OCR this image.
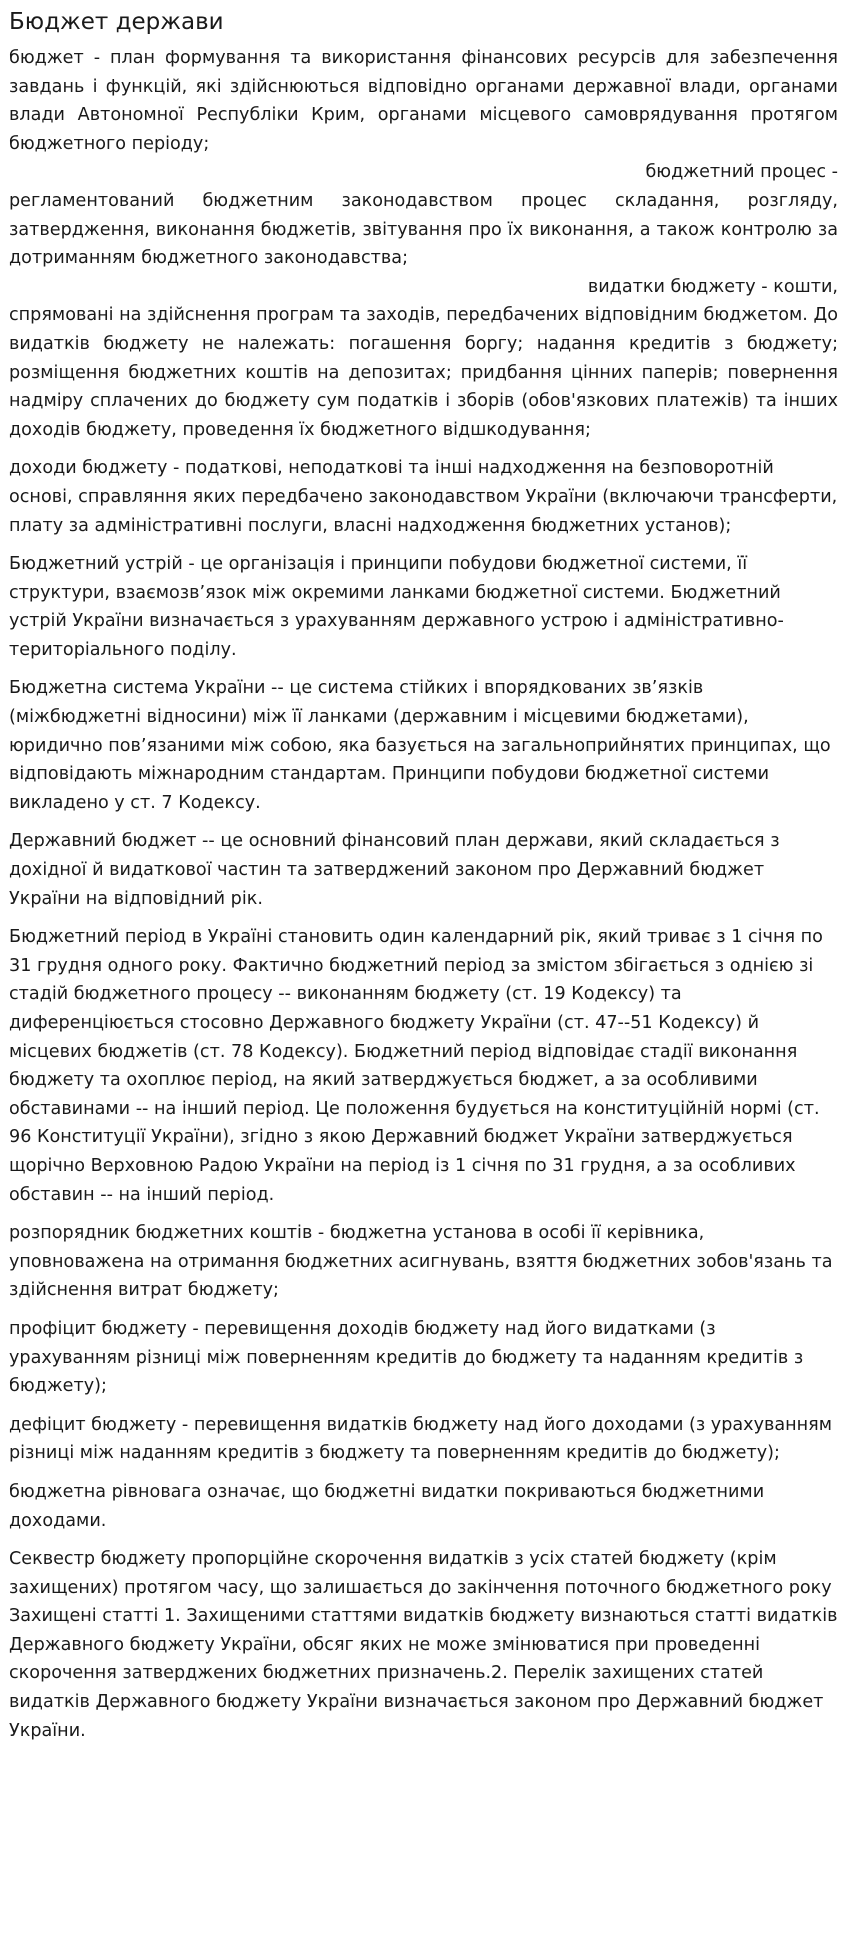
Бюджет держави
бюджет - план формування та використання фінансових ресурсів для забезпечення завдань і функцій, які здійснюються відповідно органами державної влади, органами влади Автономної Республіки Крим, органами місцевого самоврядування протягом бюджетного періоду;
бюджетний процес -
регламентований бюджетним законодавством процес складання, розгляду, затвердження, виконання бюджетів, звітування про їх виконання, а також контролю за дотриманням бюджетного законодавства;
видатки бюджету - кошти,
спрямовані на здійснення програм та заходів, передбачених відповідним бюджетом. До видатків бюджету не належать: погашення боргу; надання кредитів з бюджету; розміщення бюджетних коштів на депозитах; придбання цінних паперів; повернення надміру сплачених до бюджету сум податків і зборів (обов'язкових платежів) та інших доходів бюджету, проведення їх бюджетного відшкодування;

доходи бюджету - податкові, неподаткові та інші надходження на безповоротній основі, справляння яких передбачено законодавством України (включаючи трансферти, плату за адміністративні послуги, власні надходження бюджетних установ);

Бюджетний устрій - це організація і принципи побудови бюджетної системи, її структури, взаємозв’язок між окремими ланками бюджетної системи. Бюджетний устрій України визначається з урахуванням державного устрою і адміністративно-територіального поділу.

Бюджетна система України -- це система стійких і впорядкованих зв’язків (міжбюджетні відносини) між її ланками (державним і місцевими бюджетами), юридично пов’язаними між собою, яка базується на загальноприйнятих принципах, що відповідають міжнародним стандартам. Принципи побудови бюджетної системи викладено у ст. 7 Кодексу.

Державний бюджет -- це основний фінансовий план держави, який складається з дохідної й видаткової частин та затверджений законом про Державний бюджет України на відповідний рік.

Бюджетний період в Україні становить один календарний рік, який триває з 1 січня по 31 грудня одного року. Фактично бюджетний період за змістом збігається з однією зі стадій бюджетного процесу -- виконанням бюджету (ст. 19 Кодексу) та диференціюється стосовно Державного бюджету України (ст. 47--51 Кодексу) й місцевих бюджетів (ст. 78 Кодексу). Бюджетний період відповідає стадії виконання бюджету та охоплює період, на який затверджується бюджет, а за особливими обставинами -- на інший період. Це положення будується на конституційній нормі (ст. 96 Конституції України), згідно з якою Державний бюджет України затверджується щорічно Верховною Радою України на період із 1 січня по 31 грудня, а за особливих обставин -- на інший період.

розпорядник бюджетних коштів - бюджетна установа в особі її керівника, уповноважена на отримання бюджетних асигнувань, взяття бюджетних зобов'язань та здійснення витрат бюджету;

профіцит бюджету - перевищення доходів бюджету над його видатками (з урахуванням різниці між поверненням кредитів до бюджету та наданням кредитів з бюджету);

дефіцит бюджету - перевищення видатків бюджету над його доходами (з урахуванням різниці між наданням кредитів з бюджету та поверненням кредитів до бюджету);

бюджетна рівновага означає, що бюджетні видатки покриваються бюджетними доходами.

Секвестр бюджету пропорційне скорочення видатків з усіх статей бюджету (крім захищених) протягом часу, що залишається до закінчення поточного бюджетного року

Захищені статті 1. Захищеними статтями видатків бюджету визнаються статті видатків Державного бюджету України, обсяг яких не може змінюватися при проведенні скорочення затверджених бюджетних призначень.2. Перелік захищених статей видатків Державного бюджету України визначається законом про Державний бюджет України.
